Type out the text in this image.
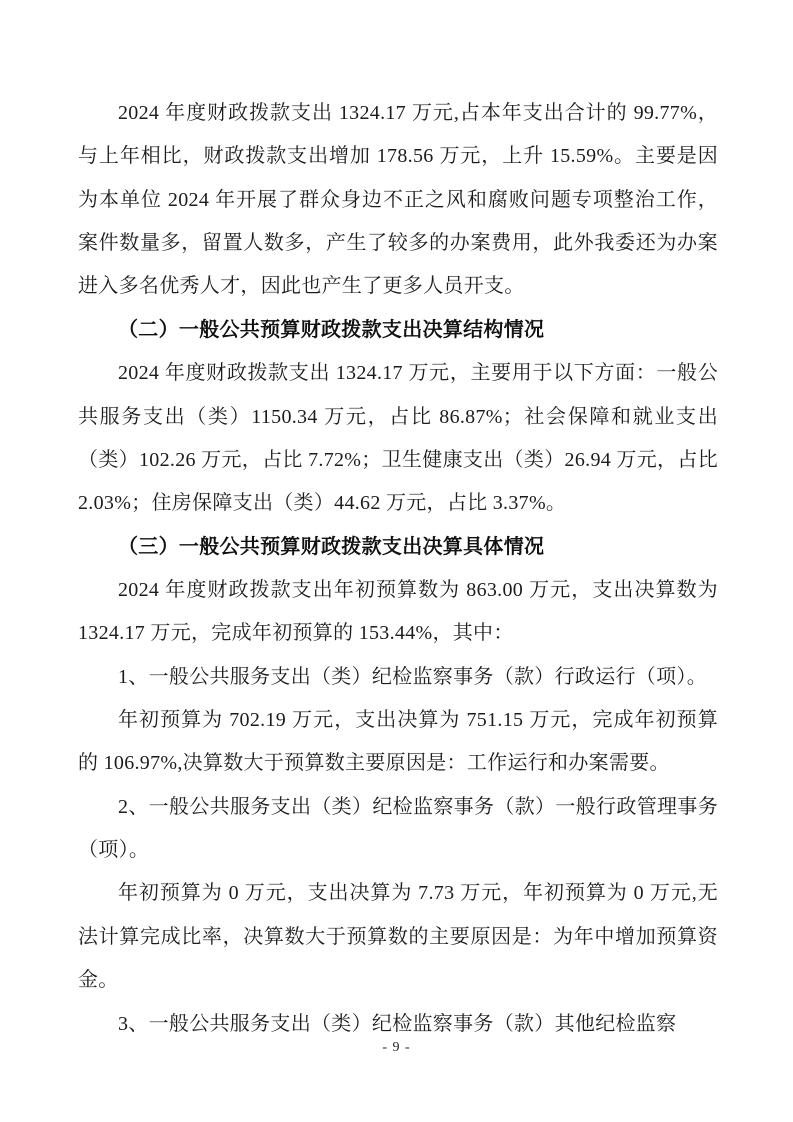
2024 年度财政拨款支出 1324.17 万元,占本年支出合计的 99.77%，与上年相比，财政拨款支出增加 178.56 万元，上升 15.59%。主要是因为本单位 2024 年开展了群众身边不正之风和腐败问题专项整治工作，案件数量多，留置人数多，产生了较多的办案费用，此外我委还为办案进入多名优秀人才，因此也产生了更多人员开支。

（二）一般公共预算财政拨款支出决算结构情况

2024 年度财政拨款支出 1324.17 万元，主要用于以下方面：一般公共服务支出（类）1150.34 万元，占比 86.87%；社会保障和就业支出（类）102.26 万元，占比 7.72%；卫生健康支出（类）26.94 万元，占比 2.03%；住房保障支出（类）44.62 万元，占比 3.37%。

（三）一般公共预算财政拨款支出决算具体情况

2024 年度财政拨款支出年初预算数为 863.00 万元，支出决算数为 1324.17 万元，完成年初预算的 153.44%，其中：

1、一般公共服务支出（类）纪检监察事务（款）行政运行（项）。

年初预算为 702.19 万元，支出决算为 751.15 万元，完成年初预算的 106.97%,决算数大于预算数主要原因是：工作运行和办案需要。

2、一般公共服务支出（类）纪检监察事务（款）一般行政管理事务（项）。

年初预算为 0 万元，支出决算为 7.73 万元，年初预算为 0 万元,无法计算完成比率，决算数大于预算数的主要原因是：为年中增加预算资金。

3、一般公共服务支出（类）纪检监察事务（款）其他纪检监察

- 9 -
